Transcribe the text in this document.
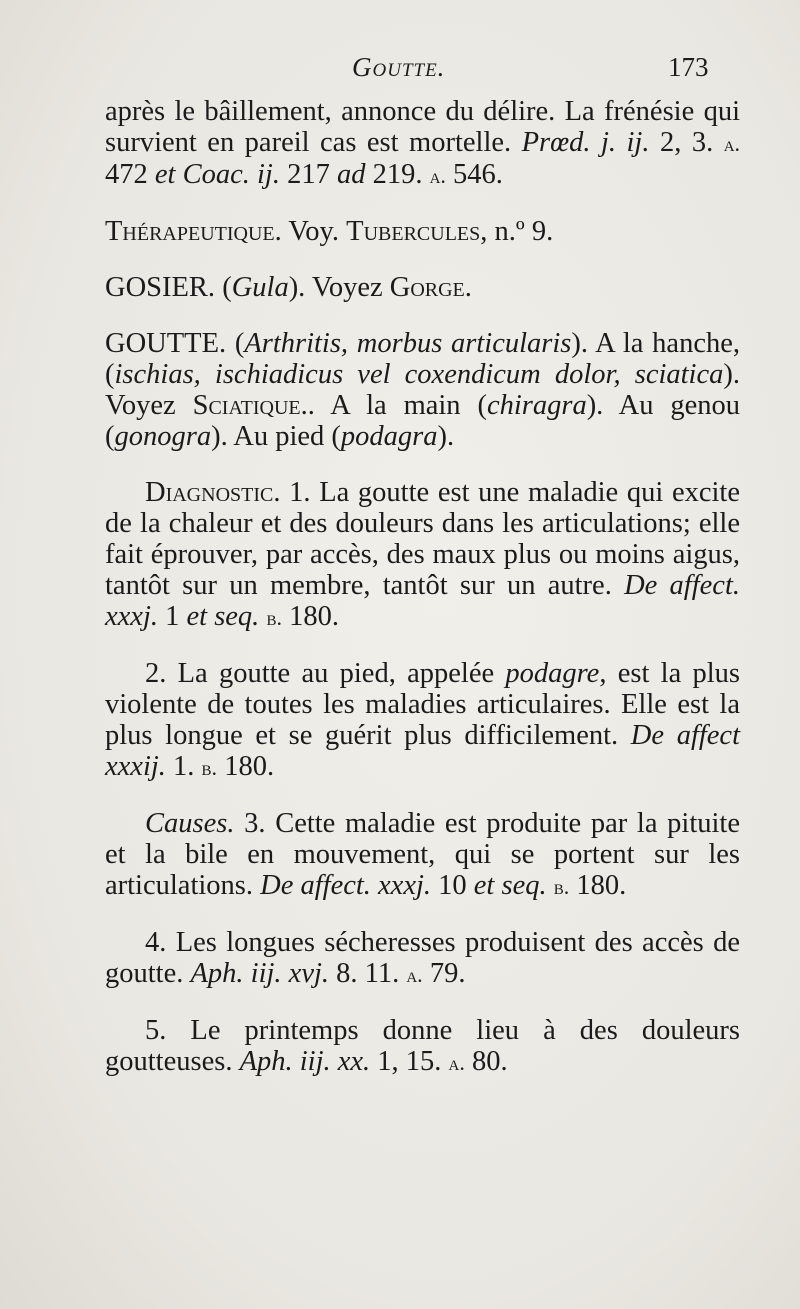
Goutte.	173

après le bâillement, annonce du délire. La frénésie qui survient en pareil cas est mortelle. Prœd. j. ij. 2, 3. a. 472 et Coac. ij. 217 ad 219. a. 546.

Thérapeutique. Voy. Tubercules, n.º 9.

GOSIER. (Gula). Voyez Gorge.

GOUTTE. (Arthritis, morbus articularis). A la hanche, (ischias, ischiadicus vel coxendicum dolor, sciatica). Voyez Sciatique.. A la main (chiragra). Au genou (gonogra). Au pied (podagra).

Diagnostic. 1. La goutte est une maladie qui excite de la chaleur et des douleurs dans les articulations; elle fait éprouver, par accès, des maux plus ou moins aigus, tantôt sur un membre, tantôt sur un autre. De affect. xxxj. 1 et seq. b. 180.

2. La goutte au pied, appelée podagre, est la plus violente de toutes les maladies articulaires. Elle est la plus longue et se guérit plus difficilement. De affect xxxij. 1. b. 180.

Causes. 3. Cette maladie est produite par la pituite et la bile en mouvement, qui se portent sur les articulations. De affect. xxxj. 10 et seq. b. 180.

4. Les longues sécheresses produisent des accès de goutte. Aph. iij. xvj. 8. 11. a. 79.

5. Le printemps donne lieu à des douleurs goutteuses. Aph. iij. xx. 1, 15. a. 80.
